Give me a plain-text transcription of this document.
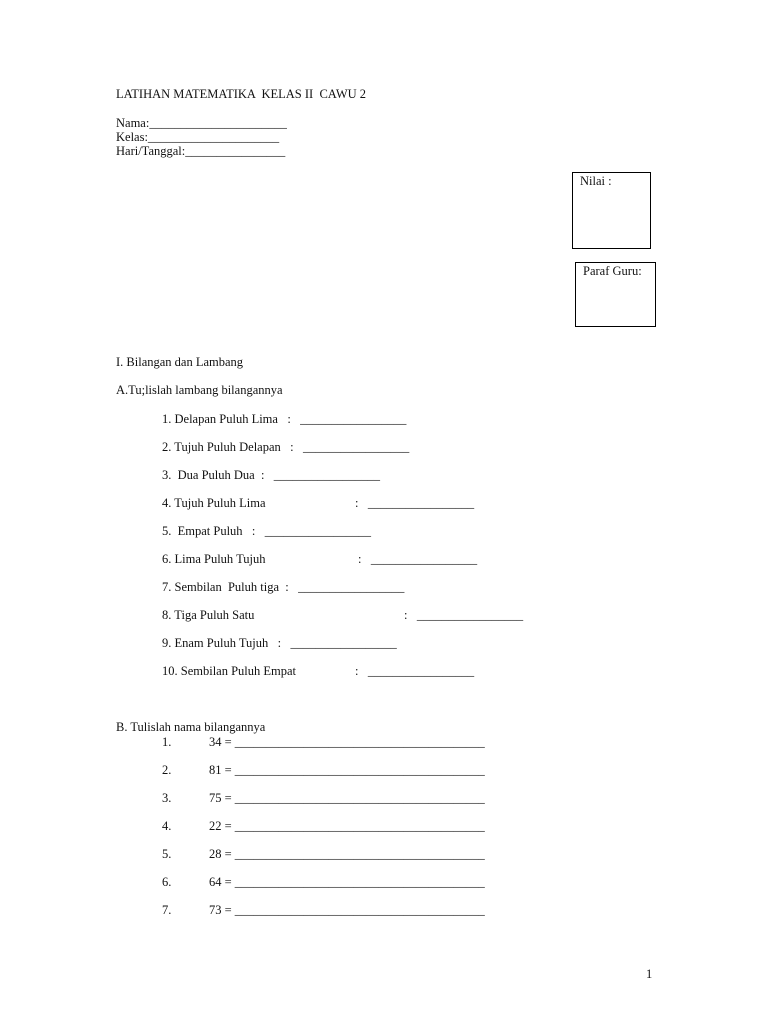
LATIHAN MATEMATIKA  KELAS II  CAWU 2
Nama:______________________
Kelas:_____________________
Hari/Tanggal:________________
Nilai :
Paraf Guru:
I. Bilangan dan Lambang
A.Tu;lislah lambang bilangannya
1. Delapan Puluh Lima   :   _________________
2. Tujuh Puluh Delapan   :   _________________
3.  Dua Puluh Dua  :   _________________
4. Tujuh Puluh Lima	:   _________________
5.  Empat Puluh   :   _________________
6. Lima Puluh Tujuh	:   _________________
7. Sembilan  Puluh tiga  :   _________________
8. Tiga Puluh Satu	:   _________________
9. Enam Puluh Tujuh   :   _________________
10. Sembilan Puluh Empat	:   _________________
B. Tulislah nama bilangannya
1.	34 = ________________________________________
2.	81 = ________________________________________
3.	75 = ________________________________________
4.	22 = ________________________________________
5.	28 = ________________________________________
6.	64 = ________________________________________
7.	73 = ________________________________________
1
